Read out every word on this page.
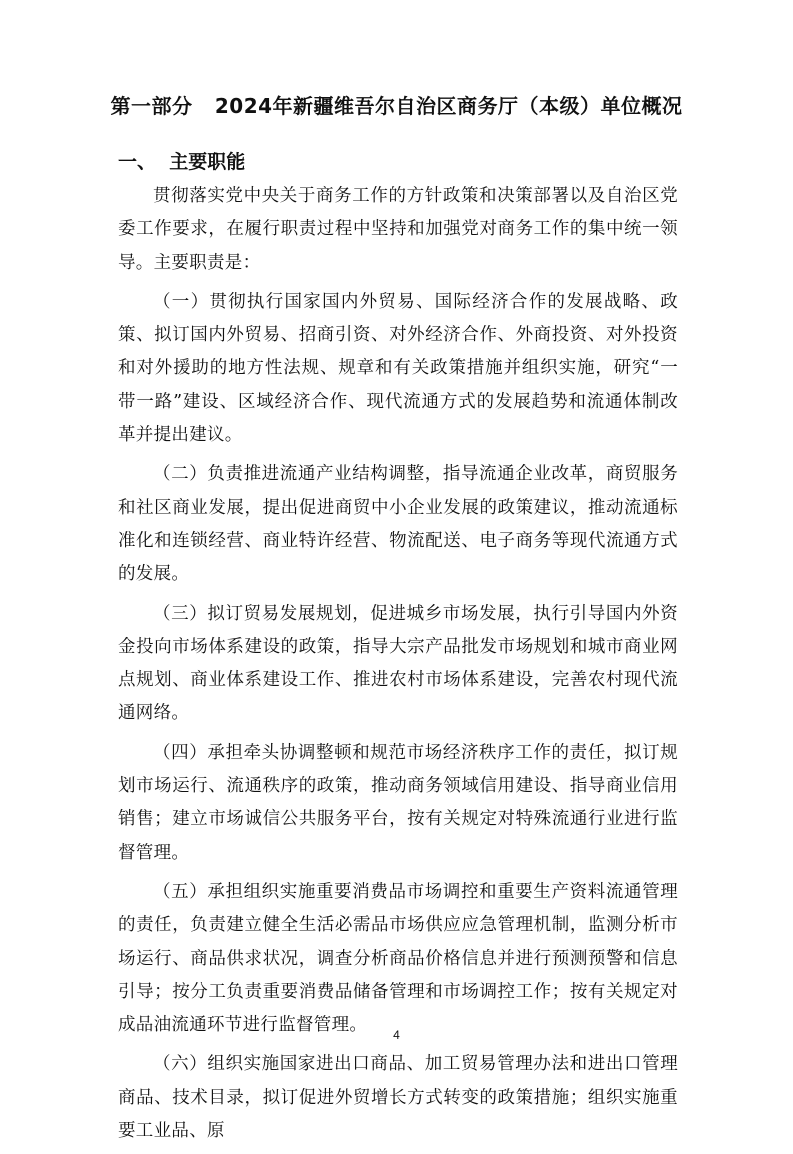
第一部分   2024年新疆维吾尔自治区商务厅（本级）单位概况
一、  主要职能

贯彻落实党中央关于商务工作的方针政策和决策部署以及自治区党委工作要求，在履行职责过程中坚持和加强党对商务工作的集中统一领导。主要职责是：

（一）贯彻执行国家国内外贸易、国际经济合作的发展战略、政策、拟订国内外贸易、招商引资、对外经济合作、外商投资、对外投资和对外援助的地方性法规、规章和有关政策措施并组织实施，研究“一带一路”建设、区域经济合作、现代流通方式的发展趋势和流通体制改革并提出建议。

（二）负责推进流通产业结构调整，指导流通企业改革，商贸服务和社区商业发展，提出促进商贸中小企业发展的政策建议，推动流通标准化和连锁经营、商业特许经营、物流配送、电子商务等现代流通方式的发展。

（三）拟订贸易发展规划，促进城乡市场发展，执行引导国内外资金投向市场体系建设的政策，指导大宗产品批发市场规划和城市商业网点规划、商业体系建设工作、推进农村市场体系建设，完善农村现代流通网络。

（四）承担牵头协调整顿和规范市场经济秩序工作的责任，拟订规划市场运行、流通秩序的政策，推动商务领域信用建设、指导商业信用销售；建立市场诚信公共服务平台，按有关规定对特殊流通行业进行监督管理。

（五）承担组织实施重要消费品市场调控和重要生产资料流通管理的责任，负责建立健全生活必需品市场供应应急管理机制，监测分析市场运行、商品供求状况，调查分析商品价格信息并进行预测预警和信息引导；按分工负责重要消费品储备管理和市场调控工作；按有关规定对成品油流通环节进行监督管理。

（六）组织实施国家进出口商品、加工贸易管理办法和进出口管理商品、技术目录，拟订促进外贸增长方式转变的政策措施；组织实施重要工业品、原

4
